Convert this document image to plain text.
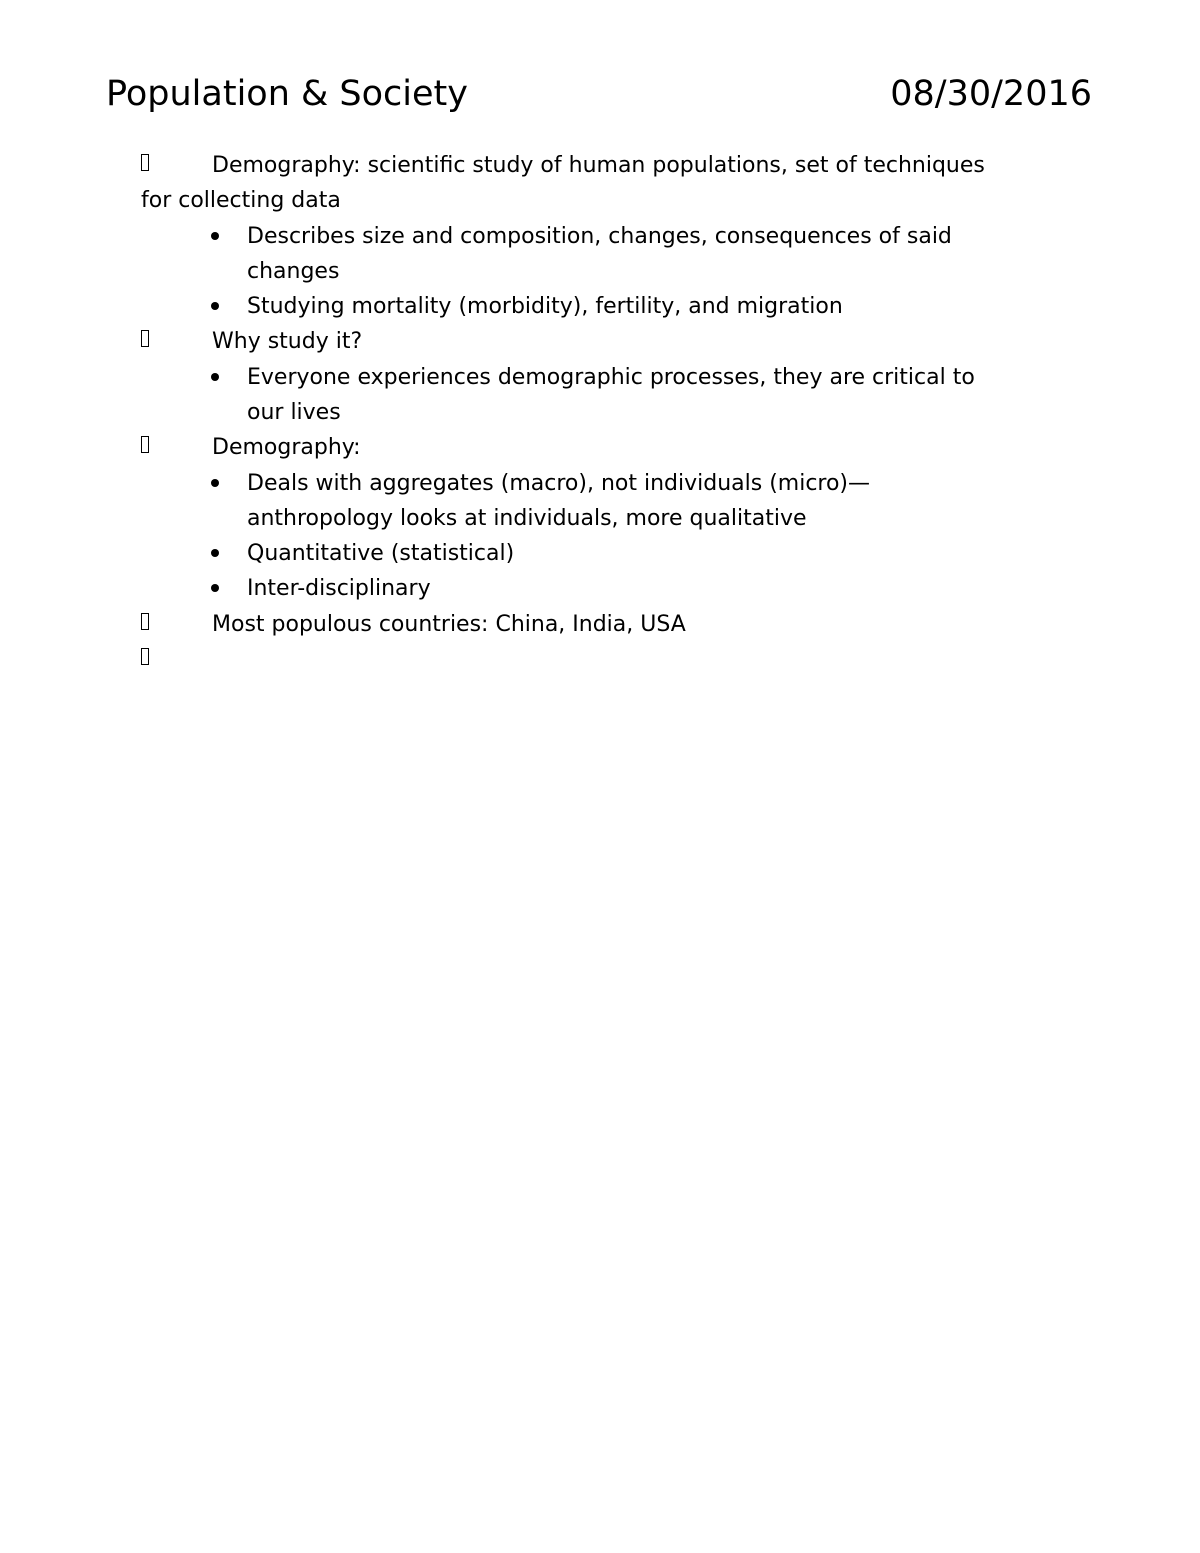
Population & Society	08/30/2016
Demography: scientific study of human populations, set of techniques
for collecting data
Describes size and composition, changes, consequences of said
changes
Studying mortality (morbidity), fertility, and migration
Why study it?
Everyone experiences demographic processes, they are critical to
our lives
Demography:
Deals with aggregates (macro), not individuals (micro)—
anthropology looks at individuals, more qualitative
Quantitative (statistical)
Inter-disciplinary
Most populous countries: China, India, USA
